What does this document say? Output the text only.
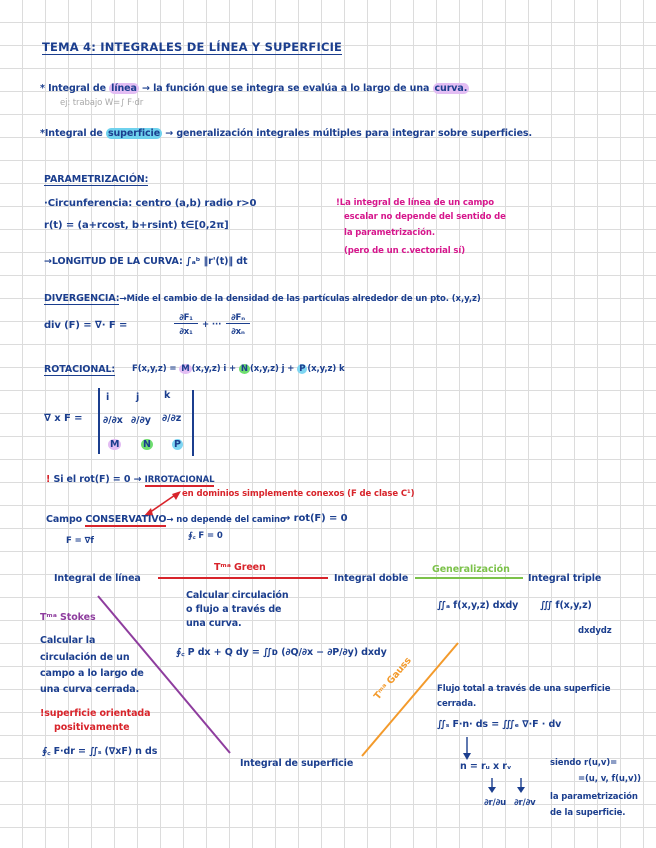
TEMA 4: INTEGRALES DE LÍNEA Y SUPERFICIE
* Integral de línea → la función que se integra se evalúa a lo largo de una curva.
ej: trabajo W=∫ F·dr
*Integral de superficie → generalización integrales múltiples para integrar sobre superficies.
PARAMETRIZACIÓN:
·Circunferencia: centro (a,b) radio r>0
r(t) = (a+rcost, b+rsint) t∈[0,2π]
→LONGITUD DE LA CURVA: ∫ₐᵇ ‖r'(t)‖ dt
!La integral de línea de un campo
escalar no depende del sentido de
la parametrización.
(pero de un c.vectorial sí)
DIVERGENCIA:→Mide el cambio de la densidad de las partículas alrededor de un pto. (x,y,z)
div (F) = ∇· F =
∂F₁
∂x₁
+ ···
∂Fₙ
∂xₙ
ROTACIONAL: F(x,y,z) = M (x,y,z) i + N (x,y,z) j + P (x,y,z) k
∇ x F =
i	j	k
∂/∂x ∂/∂y ∂/∂z
M N P
! Si el rot(F) = 0 → IRROTACIONAL
en dominios simplemente conexos (F de clase C¹)
Campo CONSERVATIVO→ no depende del camino
→ rot(F) = 0
F = ∇f	∮꜀ F = 0
Integral de línea
Tᵐᵃ Green
Integral doble
Generalización
Integral triple
Calcular circulación
o flujo a través de
una curva.
∮꜀ P dx + Q dy = ∬ᴅ (∂Q/∂x − ∂P/∂y) dxdy
∬ₐ f(x,y,z) dxdy ∭ f(x,y,z)
dxdydz
Tᵐᵃ Stokes
Calcular la
circulación de un
campo a lo largo de
una curva cerrada.
!superficie orientada
positivamente
∮꜀ F·dr = ∬ₛ (∇xF) n ds
Integral de superficie
Tᵐᵃ Gauss	Flujo total a través de una superficie
cerrada.
∬ₛ F·n· ds = ∭ₑ ∇·F · dv
n = rᵤ x rᵥ
∂r/∂u ∂r/∂v
siendo r(u,v)=
=(u, v, f(u,v))
la parametrización
de la superficie.
